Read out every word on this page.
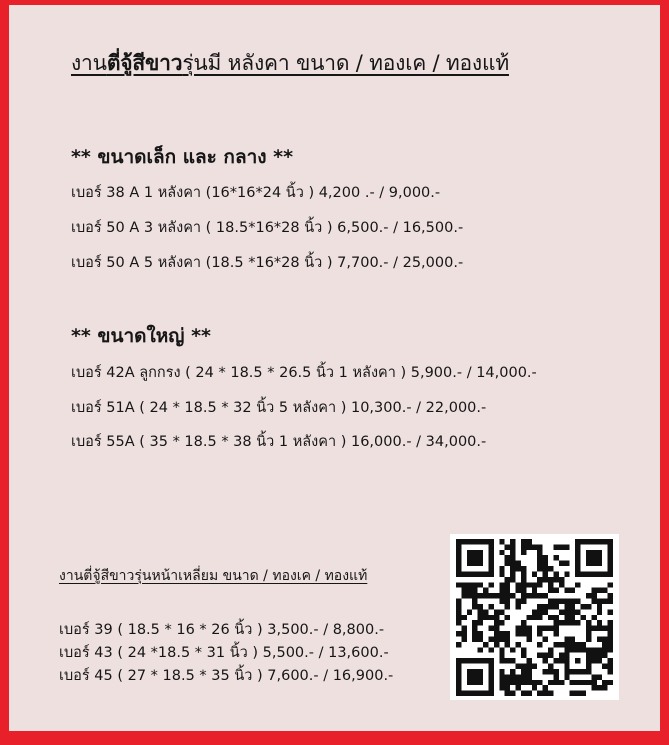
งานตี่จู้สีขาวรุ่นมี หลังคา ขนาด / ทองเค / ทองแท้
** ขนาดเล็ก และ กลาง **
เบอร์ 38 A 1 หลังคา (16*16*24 นิ้ว ) 4,200 .- / 9,000.-
เบอร์ 50 A 3 หลังคา ( 18.5*16*28 นิ้ว ) 6,500.- / 16,500.-
เบอร์ 50 A 5 หลังคา (18.5 *16*28 นิ้ว ) 7,700.- / 25,000.-
** ขนาดใหญ่ **
เบอร์ 42A ลูกกรง ( 24 * 18.5 * 26.5 นิ้ว 1 หลังคา ) 5,900.- / 14,000.-
เบอร์ 51A ( 24 * 18.5 * 32 นิ้ว 5 หลังคา ) 10,300.- / 22,000.-
เบอร์ 55A ( 35 * 18.5 * 38 นิ้ว 1 หลังคา ) 16,000.- / 34,000.-
งานตี่จู้สีขาวรุ่นหน้าเหลี่ยม ขนาด / ทองเค / ทองแท้
เบอร์ 39 ( 18.5 * 16 * 26 นิ้ว ) 3,500.- / 8,800.-
เบอร์ 43 ( 24 *18.5 * 31 นิ้ว ) 5,500.- / 13,600.-
เบอร์ 45 ( 27 * 18.5 * 35 นิ้ว ) 7,600.- / 16,900.-
